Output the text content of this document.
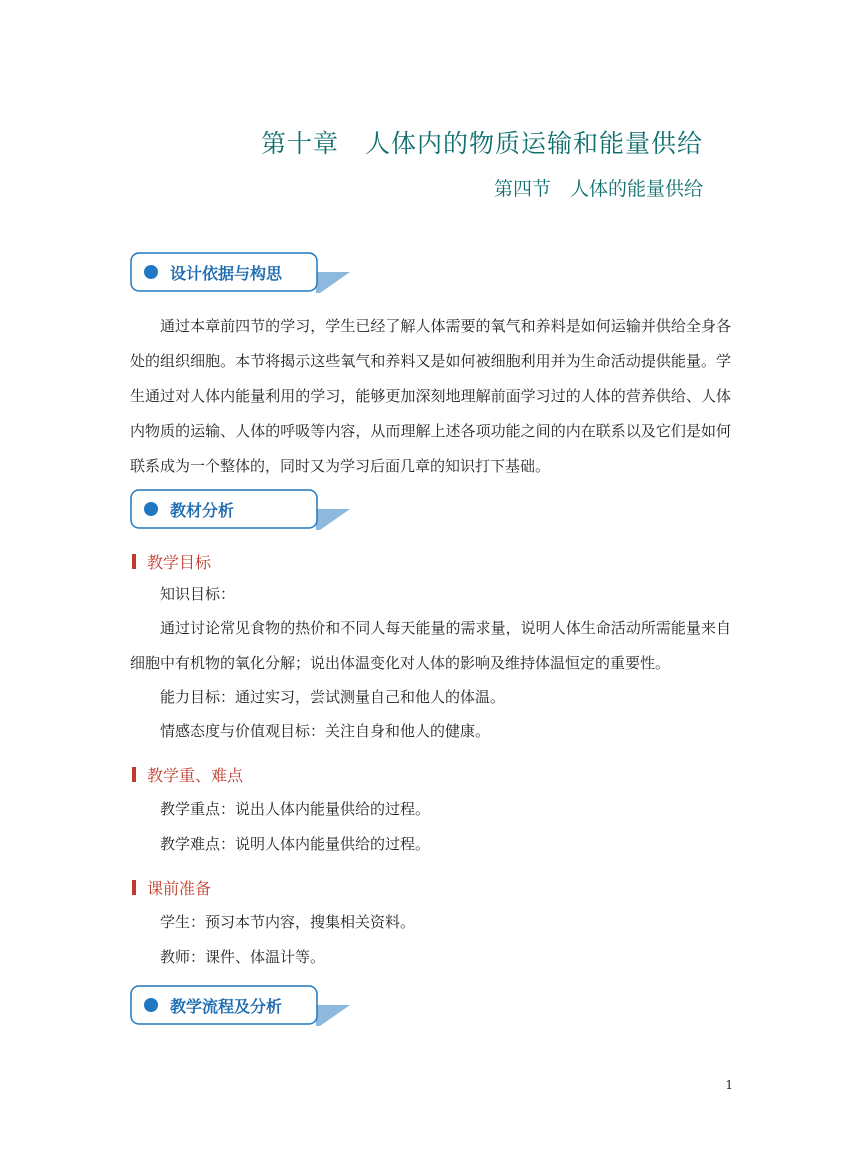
第十章　人体内的物质运输和能量供给
第四节　人体的能量供给
设计依据与构思

通过本章前四节的学习，学生已经了解人体需要的氧气和养料是如何运输并供给全身各处的组织细胞。本节将揭示这些氧气和养料又是如何被细胞利用并为生命活动提供能量。学生通过对人体内能量利用的学习，能够更加深刻地理解前面学习过的人体的营养供给、人体内物质的运输、人体的呼吸等内容，从而理解上述各项功能之间的内在联系以及它们是如何联系成为一个整体的，同时又为学习后面几章的知识打下基础。

教材分析
教学目标

知识目标：

通过讨论常见食物的热价和不同人每天能量的需求量，说明人体生命活动所需能量来自细胞中有机物的氧化分解；说出体温变化对人体的影响及维持体温恒定的重要性。

能力目标：通过实习，尝试测量自己和他人的体温。

情感态度与价值观目标：关注自身和他人的健康。

教学重、难点

教学重点：说出人体内能量供给的过程。

教学难点：说明人体内能量供给的过程。

课前准备

学生：预习本节内容，搜集相关资料。

教师：课件、体温计等。

教学流程及分析
1
